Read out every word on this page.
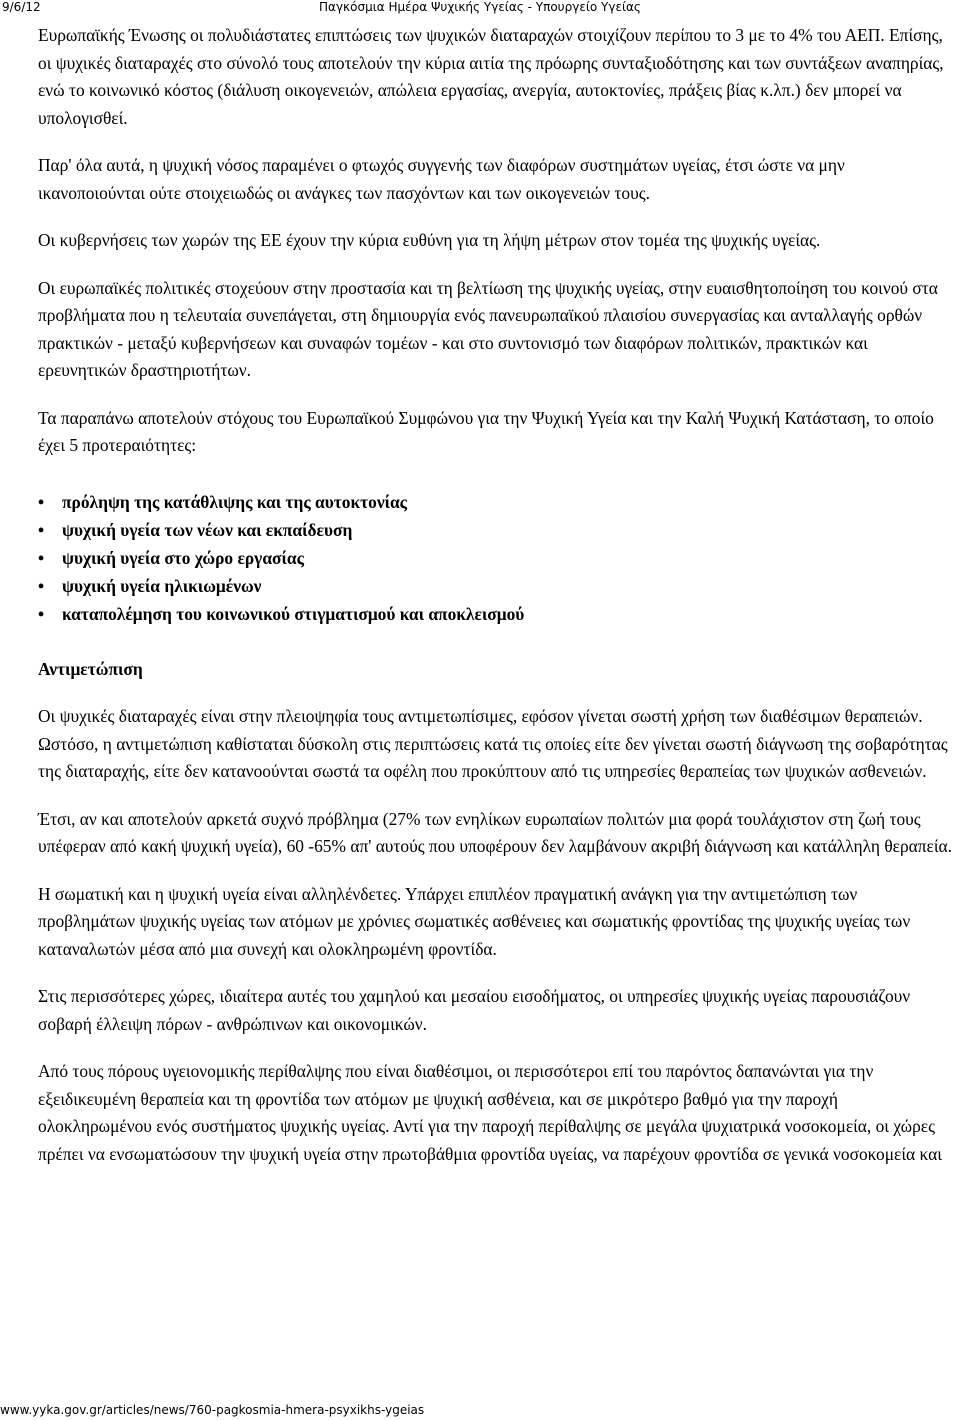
9/6/12	Παγκόσμια Ημέρα Ψυχικής Υγείας - Υπουργείο Υγείας

Ευρωπαϊκής Ένωσης οι πολυδιάστατες επιπτώσεις των ψυχικών διαταραχών στοιχίζουν περίπου το 3 με το 4% του ΑΕΠ. Επίσης, οι ψυχικές διαταραχές στο σύνολό τους αποτελούν την κύρια αιτία της πρόωρης συνταξιοδότησης και των συντάξεων αναπηρίας, ενώ το κοινωνικό κόστος (διάλυση οικογενειών, απώλεια εργασίας, ανεργία, αυτοκτονίες, πράξεις βίας κ.λπ.) δεν μπορεί να υπολογισθεί.

Παρ' όλα αυτά, η ψυχική νόσος παραμένει ο φτωχός συγγενής των διαφόρων συστημάτων υγείας, έτσι ώστε να μην ικανοποιούνται ούτε στοιχειωδώς οι ανάγκες των πασχόντων και των οικογενειών τους.

Οι κυβερνήσεις των χωρών της ΕΕ έχουν την κύρια ευθύνη για τη λήψη μέτρων στον τομέα της ψυχικής υγείας.

Οι ευρωπαϊκές πολιτικές στοχεύουν στην προστασία και τη βελτίωση της ψυχικής υγείας, στην ευαισθητοποίηση του κοινού στα προβλήματα που η τελευταία συνεπάγεται, στη δημιουργία ενός πανευρωπαϊκού πλαισίου συνεργασίας και ανταλλαγής ορθών πρακτικών - μεταξύ κυβερνήσεων και συναφών τομέων - και στο συντονισμό των διαφόρων πολιτικών, πρακτικών και ερευνητικών δραστηριοτήτων.

Τα παραπάνω αποτελούν στόχους του Ευρωπαϊκού Συμφώνου για την Ψυχική Υγεία και την Καλή Ψυχική Κατάσταση, το οποίο έχει 5 προτεραιότητες:

• πρόληψη της κατάθλιψης και της αυτοκτονίας
• ψυχική υγεία των νέων και εκπαίδευση
• ψυχική υγεία στο χώρο εργασίας
• ψυχική υγεία ηλικιωμένων
• καταπολέμηση του κοινωνικού στιγματισμού και αποκλεισμού
Αντιμετώπιση

Οι ψυχικές διαταραχές είναι στην πλειοψηφία τους αντιμετωπίσιμες, εφόσον γίνεται σωστή χρήση των διαθέσιμων θεραπειών. Ωστόσο, η αντιμετώπιση καθίσταται δύσκολη στις περιπτώσεις κατά τις οποίες είτε δεν γίνεται σωστή διάγνωση της σοβαρότητας της διαταραχής, είτε δεν κατανοούνται σωστά τα οφέλη που προκύπτουν από τις υπηρεσίες θεραπείας των ψυχικών ασθενειών.

Έτσι, αν και αποτελούν αρκετά συχνό πρόβλημα (27% των ενηλίκων ευρωπαίων πολιτών μια φορά τουλάχιστον στη ζωή τους υπέφεραν από κακή ψυχική υγεία), 60 -65% απ' αυτούς που υποφέρουν δεν λαμβάνουν ακριβή διάγνωση και κατάλληλη θεραπεία.

Η σωματική και η ψυχική υγεία είναι αλληλένδετες. Υπάρχει επιπλέον πραγματική ανάγκη για την αντιμετώπιση των προβλημάτων ψυχικής υγείας των ατόμων με χρόνιες σωματικές ασθένειες και σωματικής φροντίδας της ψυχικής υγείας των καταναλωτών μέσα από μια συνεχή και ολοκληρωμένη φροντίδα.

Στις περισσότερες χώρες, ιδιαίτερα αυτές του χαμηλού και μεσαίου εισοδήματος, οι υπηρεσίες ψυχικής υγείας παρουσιάζουν σοβαρή έλλειψη πόρων - ανθρώπινων και οικονομικών.

Από τους πόρους υγειονομικής περίθαλψης που είναι διαθέσιμοι, οι περισσότεροι επί του παρόντος δαπανώνται για την εξειδικευμένη θεραπεία και τη φροντίδα των ατόμων με ψυχική ασθένεια, και σε μικρότερο βαθμό για την παροχή ολοκληρωμένου ενός συστήματος ψυχικής υγείας. Αντί για την παροχή περίθαλψης σε μεγάλα ψυχιατρικά νοσοκομεία, οι χώρες πρέπει να ενσωματώσουν την ψυχική υγεία στην πρωτοβάθμια φροντίδα υγείας, να παρέχουν φροντίδα σε γενικά νοσοκομεία και

www.yyka.gov.gr/articles/news/760-pagkosmia-hmera-psyxikhs-ygeias
